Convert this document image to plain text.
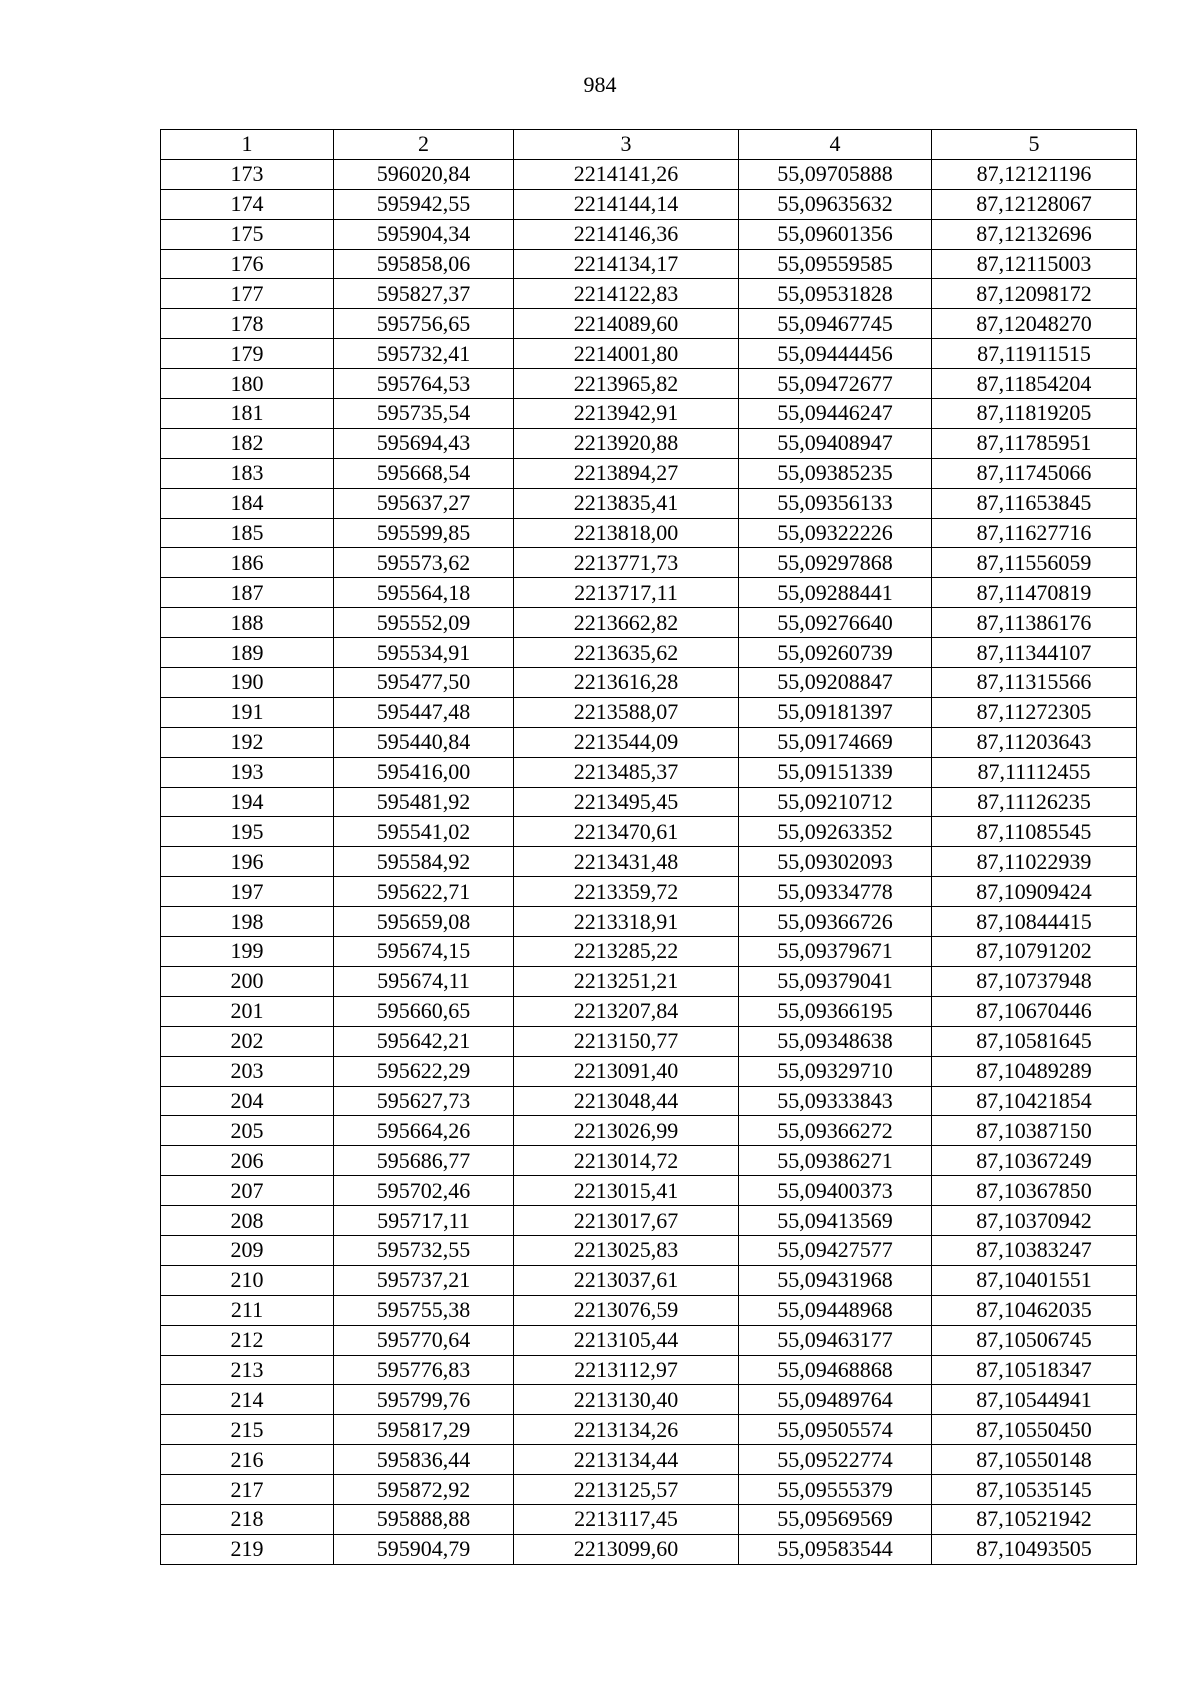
984
1	2	3	4	5
173	596020,84	2214141,26	55,09705888	87,12121196
174	595942,55	2214144,14	55,09635632	87,12128067
175	595904,34	2214146,36	55,09601356	87,12132696
176	595858,06	2214134,17	55,09559585	87,12115003
177	595827,37	2214122,83	55,09531828	87,12098172
178	595756,65	2214089,60	55,09467745	87,12048270
179	595732,41	2214001,80	55,09444456	87,11911515
180	595764,53	2213965,82	55,09472677	87,11854204
181	595735,54	2213942,91	55,09446247	87,11819205
182	595694,43	2213920,88	55,09408947	87,11785951
183	595668,54	2213894,27	55,09385235	87,11745066
184	595637,27	2213835,41	55,09356133	87,11653845
185	595599,85	2213818,00	55,09322226	87,11627716
186	595573,62	2213771,73	55,09297868	87,11556059
187	595564,18	2213717,11	55,09288441	87,11470819
188	595552,09	2213662,82	55,09276640	87,11386176
189	595534,91	2213635,62	55,09260739	87,11344107
190	595477,50	2213616,28	55,09208847	87,11315566
191	595447,48	2213588,07	55,09181397	87,11272305
192	595440,84	2213544,09	55,09174669	87,11203643
193	595416,00	2213485,37	55,09151339	87,11112455
194	595481,92	2213495,45	55,09210712	87,11126235
195	595541,02	2213470,61	55,09263352	87,11085545
196	595584,92	2213431,48	55,09302093	87,11022939
197	595622,71	2213359,72	55,09334778	87,10909424
198	595659,08	2213318,91	55,09366726	87,10844415
199	595674,15	2213285,22	55,09379671	87,10791202
200	595674,11	2213251,21	55,09379041	87,10737948
201	595660,65	2213207,84	55,09366195	87,10670446
202	595642,21	2213150,77	55,09348638	87,10581645
203	595622,29	2213091,40	55,09329710	87,10489289
204	595627,73	2213048,44	55,09333843	87,10421854
205	595664,26	2213026,99	55,09366272	87,10387150
206	595686,77	2213014,72	55,09386271	87,10367249
207	595702,46	2213015,41	55,09400373	87,10367850
208	595717,11	2213017,67	55,09413569	87,10370942
209	595732,55	2213025,83	55,09427577	87,10383247
210	595737,21	2213037,61	55,09431968	87,10401551
211	595755,38	2213076,59	55,09448968	87,10462035
212	595770,64	2213105,44	55,09463177	87,10506745
213	595776,83	2213112,97	55,09468868	87,10518347
214	595799,76	2213130,40	55,09489764	87,10544941
215	595817,29	2213134,26	55,09505574	87,10550450
216	595836,44	2213134,44	55,09522774	87,10550148
217	595872,92	2213125,57	55,09555379	87,10535145
218	595888,88	2213117,45	55,09569569	87,10521942
219	595904,79	2213099,60	55,09583544	87,10493505
